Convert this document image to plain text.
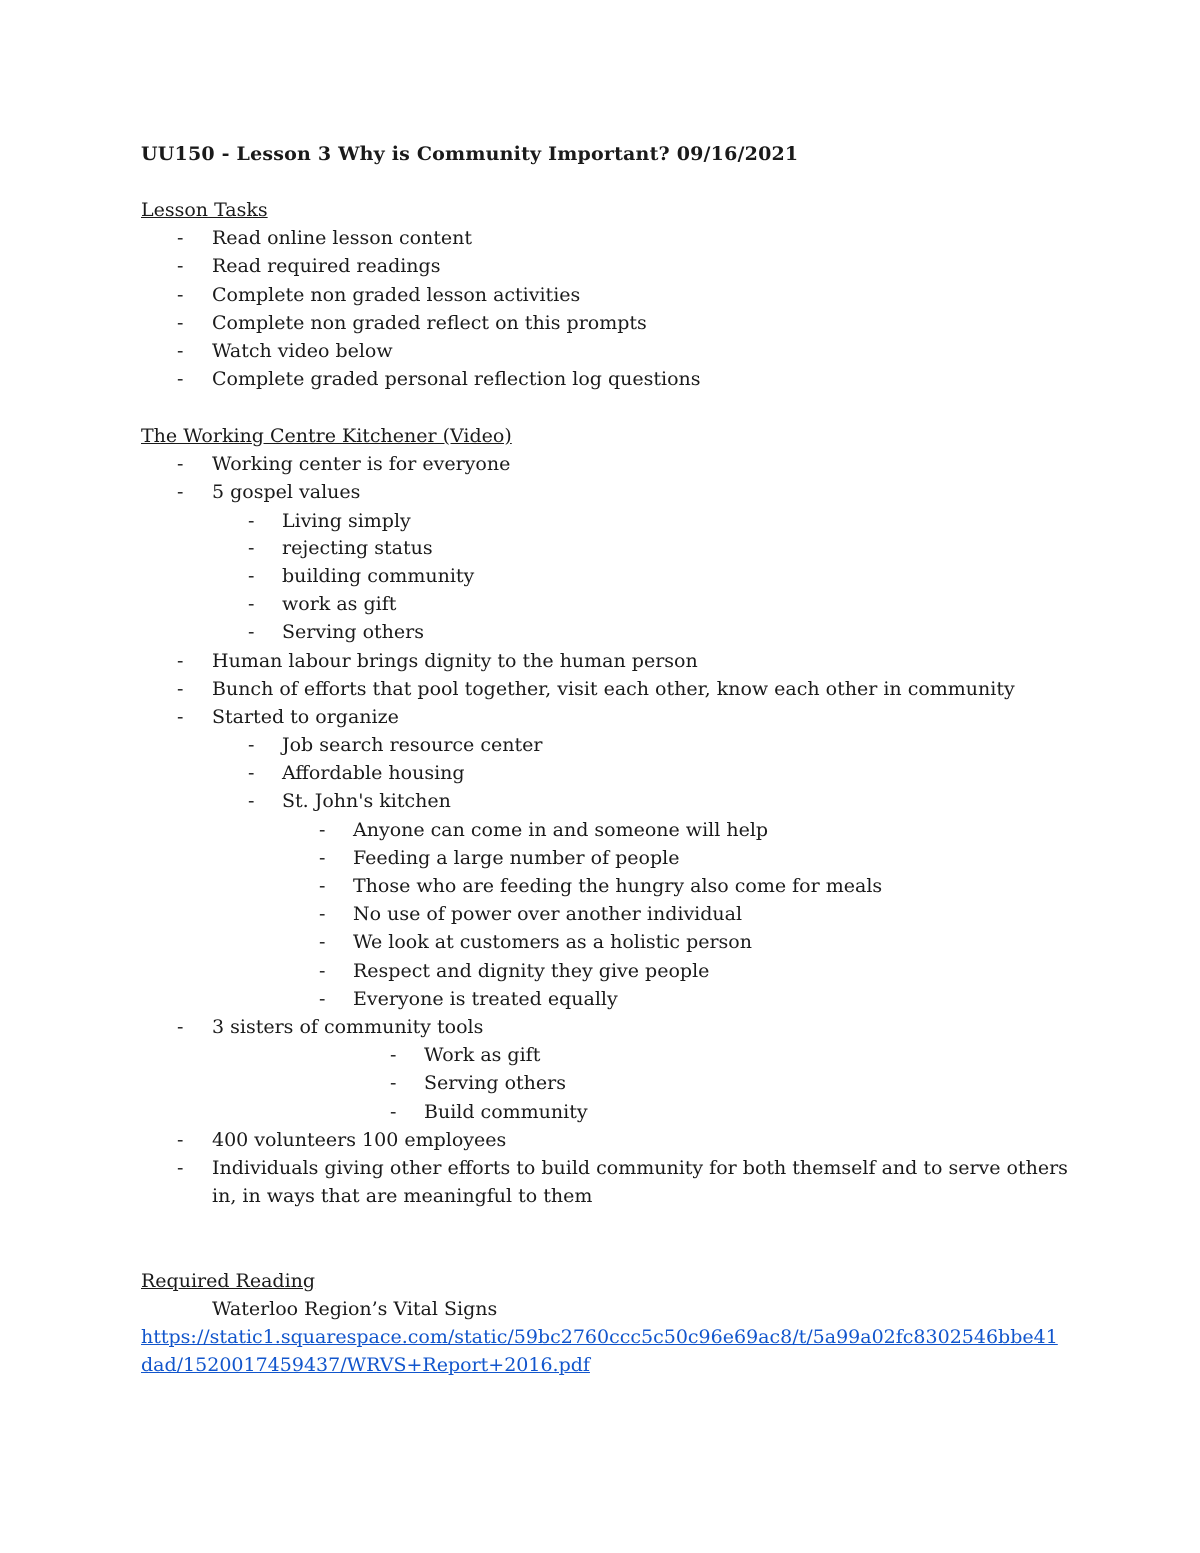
UU150 - Lesson 3 Why is Community Important? 09/16/2021
Lesson Tasks
- Read online lesson content
- Read required readings
- Complete non graded lesson activities
- Complete non graded reflect on this prompts
- Watch video below
- Complete graded personal reflection log questions
The Working Centre Kitchener (Video)
- Working center is for everyone
- 5 gospel values
- Living simply
- rejecting status
- building community
- work as gift
- Serving others
- Human labour brings dignity to the human person
- Bunch of efforts that pool together, visit each other, know each other in community
- Started to organize
- Job search resource center
- Affordable housing
- St. John's kitchen
- Anyone can come in and someone will help
- Feeding a large number of people
- Those who are feeding the hungry also come for meals
- No use of power over another individual
- We look at customers as a holistic person
- Respect and dignity they give people
- Everyone is treated equally
- 3 sisters of community tools
- Work as gift
- Serving others
- Build community
- 400 volunteers 100 employees
- Individuals giving other efforts to build community for both themself and to serve others
in, in ways that are meaningful to them
Required Reading
Waterloo Region’s Vital Signs
https://static1.squarespace.com/static/59bc2760ccc5c50c96e69ac8/t/5a99a02fc8302546bbe41
dad/1520017459437/WRVS+Report+2016.pdf
